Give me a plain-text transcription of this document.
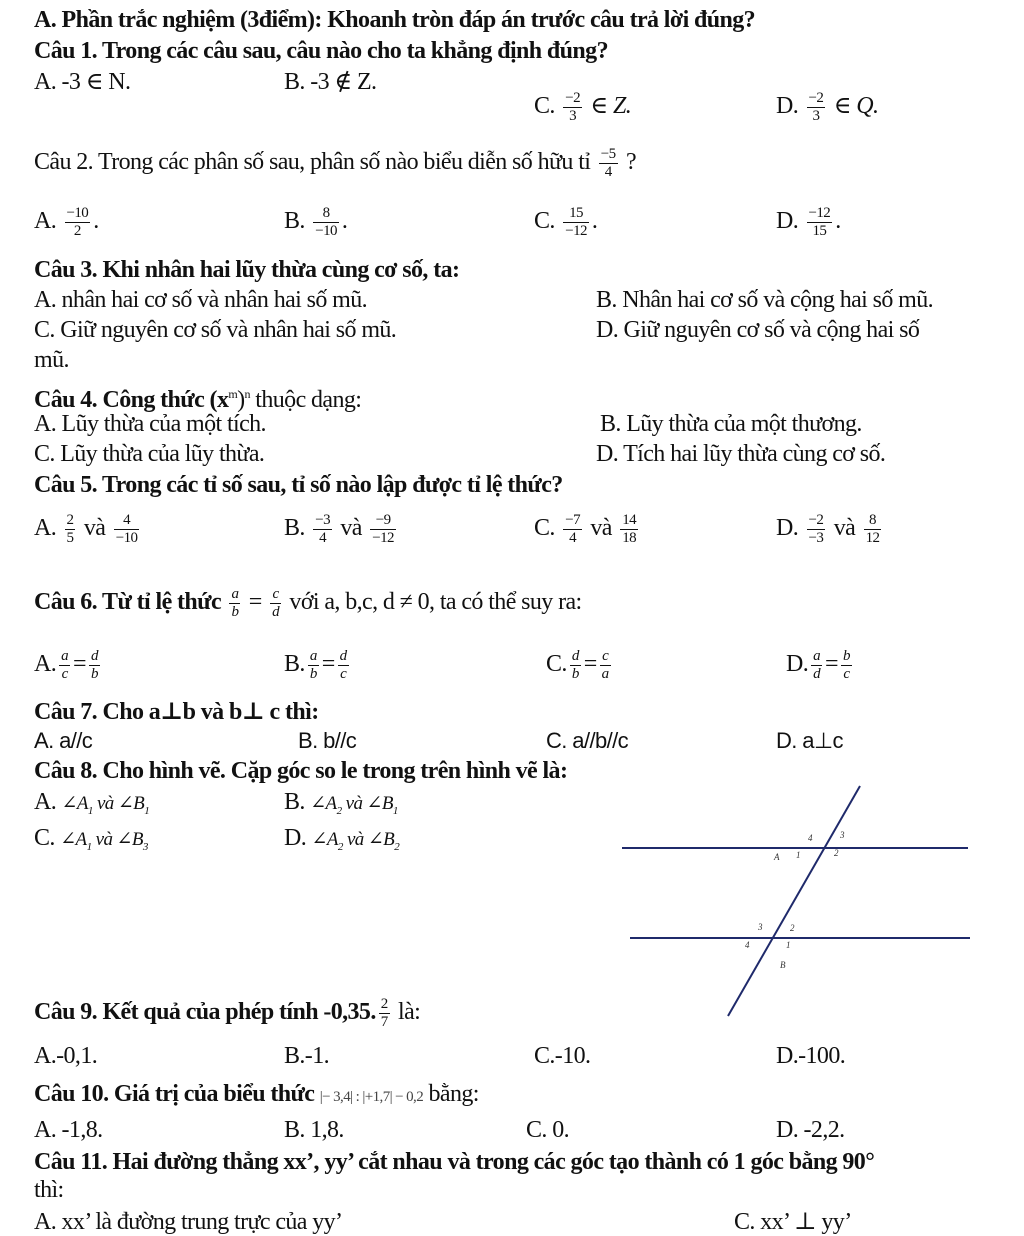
A. Phần trắc nghiệm (3điểm): Khoanh tròn đáp án trước câu trả lời đúng?
Câu 1. Trong các câu sau, câu nào cho ta khẳng định đúng?
A. -3 ∈ N.	B. -3 ∉ Z.
C. $\frac{-2}{3}$ ∈ Z.	D. $\frac{-2}{3}$ ∈ Q.
Câu 2. Trong các phân số sau, phân số nào biểu diễn số hữu tỉ $\frac{-5}{4}$ ?
A. $\frac{-10}{2}$ .	B. $\frac{8}{-10}$ .	C. $\frac{15}{-12}$ .	D. $\frac{-12}{15}$ .
Câu 3. Khi nhân hai lũy thừa cùng cơ số, ta:
A. nhân hai cơ số và nhân hai số mũ.	B. Nhân hai cơ số và cộng hai số mũ.
C. Giữ nguyên cơ số và nhân hai số mũ.	D. Giữ nguyên cơ số và cộng hai số
mũ.
Câu 4. Công thức $(x^m)^n$ thuộc dạng:
A. Lũy thừa của một tích.	B. Lũy thừa của một thương.
C. Lũy thừa của lũy thừa.	D. Tích hai lũy thừa cùng cơ số.
Câu 5. Trong các tỉ số sau, tỉ số nào lập được tỉ lệ thức?
A. $\frac{2}{5}$ và $\frac{4}{-10}$	B. $\frac{-3}{4}$ và $\frac{-9}{-12}$	C. $\frac{-7}{4}$ và $\frac{14}{18}$	D. $\frac{-2}{-3}$ và $\frac{8}{12}$
Câu 6. Từ tỉ lệ thức $\frac{a}{b} = \frac{c}{d}$ với a, b,c, d ≠ 0, ta có thể suy ra:
A. $\frac{a}{c} = \frac{d}{b}$	B. $\frac{a}{b} = \frac{d}{c}$	C. $\frac{d}{b} = \frac{c}{a}$	D. $\frac{a}{d} = \frac{b}{c}$
Câu 7. Cho a⊥b và b⊥ c thì:
A. a//c	B. b//c	C. a//b//c	D. a⊥c
Câu 8. Cho hình vẽ. Cặp góc so le trong trên hình vẽ là:
A. $\angle A_1$ và $\angle B_1$	B. $\angle A_2$ và $\angle B_1$
C. $\angle A_1$ và $\angle B_3$	D. $\angle A_2$ và $\angle B_2$
4	3
A 1	2
3	2
4	1
B
Câu 9. Kết quả của phép tính -0,35. $\frac{2}{7}$ là:
A.-0,1.	B.-1.	C.-10.	D.-100.
Câu 10. Giá trị của biểu thức |− 3,4| : |+1,7| − 0,2 bằng:
A. -1,8.	B. 1,8.	C. 0.	D. -2,2.
Câu 11. Hai đường thẳng xx’, yy’ cắt nhau và trong các góc tạo thành có 1 góc bằng 90°
thì:
A. xx’ là đường trung trực của yy’	C. xx’ ⊥ yy’
